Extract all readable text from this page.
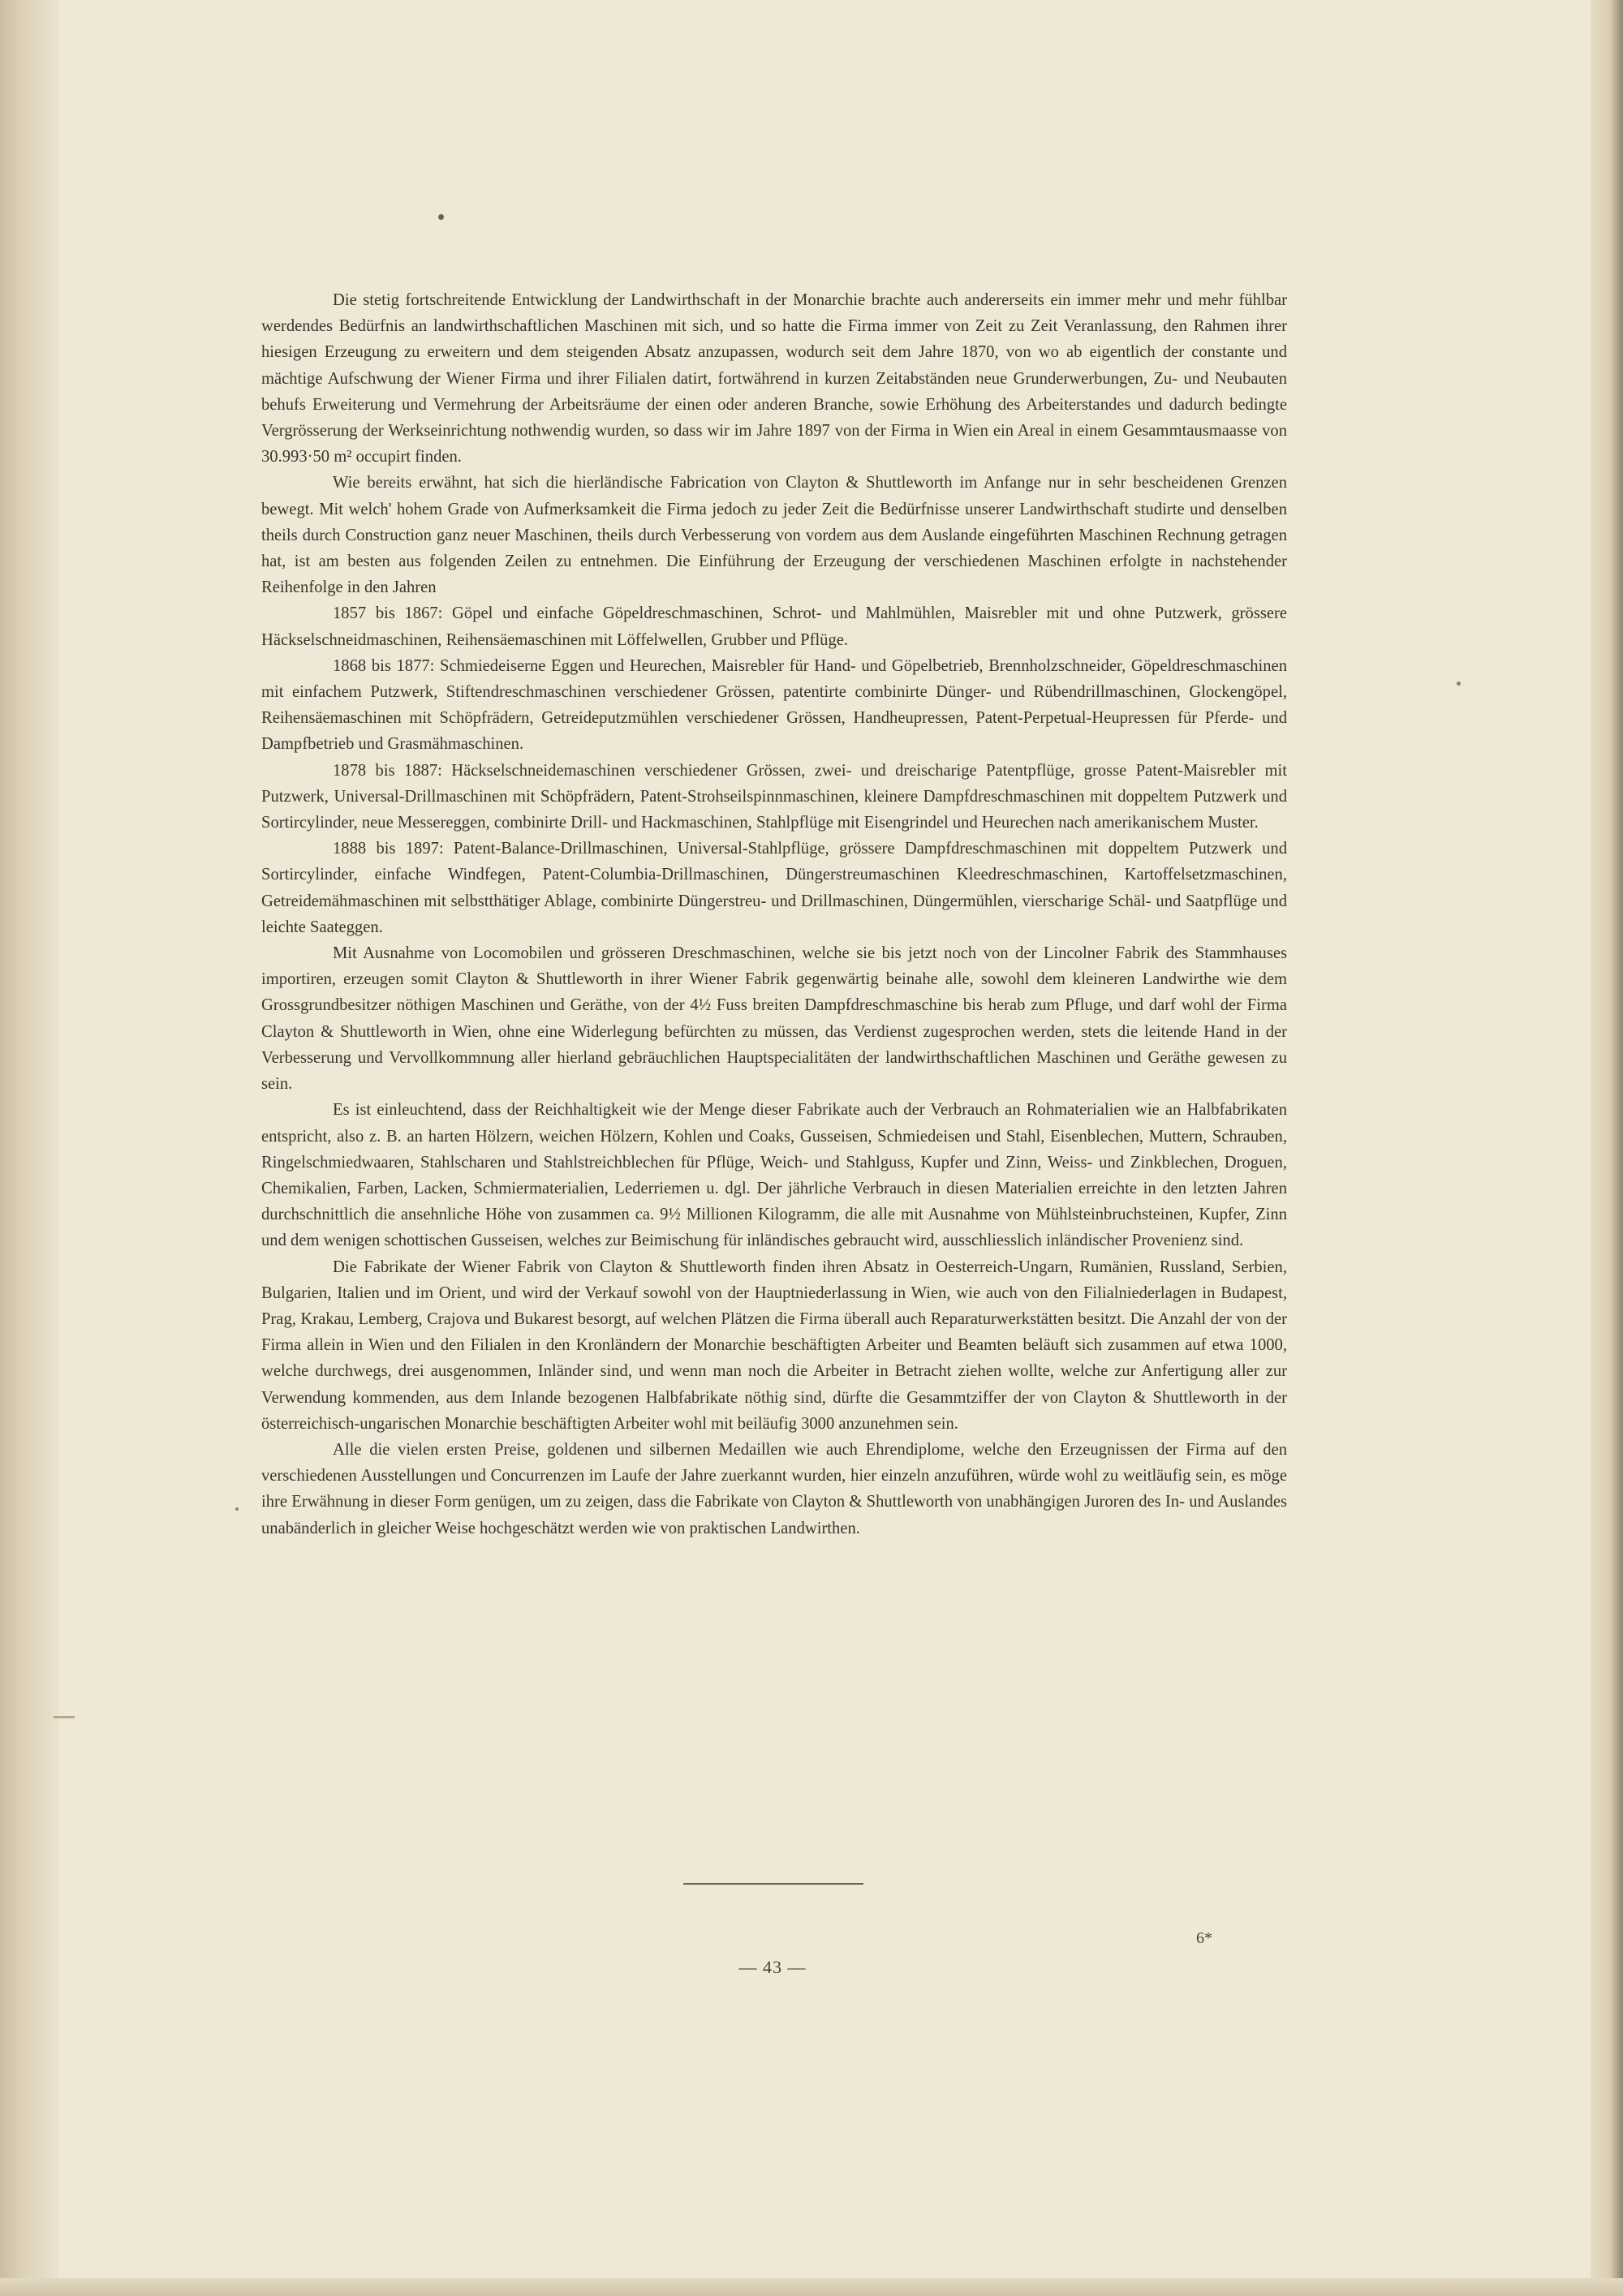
Die stetig fortschreitende Entwicklung der Landwirthschaft in der Monarchie brachte auch andererseits ein immer mehr und mehr fühlbar werdendes Bedürfnis an landwirthschaftlichen Maschinen mit sich, und so hatte die Firma immer von Zeit zu Zeit Veranlassung, den Rahmen ihrer hiesigen Erzeugung zu erweitern und dem steigenden Absatz anzupassen, wodurch seit dem Jahre 1870, von wo ab eigentlich der constante und mächtige Aufschwung der Wiener Firma und ihrer Filialen datirt, fortwährend in kurzen Zeitabständen neue Grunderwerbungen, Zu- und Neubauten behufs Erweiterung und Vermehrung der Arbeitsräume der einen oder anderen Branche, sowie Erhöhung des Arbeiterstandes und dadurch bedingte Vergrösserung der Werkseinrichtung nothwendig wurden, so dass wir im Jahre 1897 von der Firma in Wien ein Areal in einem Gesammtausmaasse von 30.993·50 m² occupirt finden.

Wie bereits erwähnt, hat sich die hierländische Fabrication von Clayton & Shuttleworth im Anfange nur in sehr bescheidenen Grenzen bewegt. Mit welch' hohem Grade von Aufmerksamkeit die Firma jedoch zu jeder Zeit die Bedürfnisse unserer Landwirthschaft studirte und denselben theils durch Construction ganz neuer Maschinen, theils durch Verbesserung von vordem aus dem Auslande eingeführten Maschinen Rechnung getragen hat, ist am besten aus folgenden Zeilen zu entnehmen. Die Einführung der Erzeugung der verschiedenen Maschinen erfolgte in nachstehender Reihenfolge in den Jahren

1857 bis 1867: Göpel und einfache Göpeldreschmaschinen, Schrot- und Mahlmühlen, Maisrebler mit und ohne Putzwerk, grössere Häckselschneidmaschinen, Reihensäemaschinen mit Löffelwellen, Grubber und Pflüge.

1868 bis 1877: Schmiedeiserne Eggen und Heurechen, Maisrebler für Hand- und Göpelbetrieb, Brennholzschneider, Göpeldreschmaschinen mit einfachem Putzwerk, Stiftendreschmaschinen verschiedener Grössen, patentirte combinirte Dünger- und Rübendrillmaschinen, Glockengöpel, Reihensäemaschinen mit Schöpfrädern, Getreideputzmühlen verschiedener Grössen, Handheupressen, Patent-Perpetual-Heupressen für Pferde- und Dampfbetrieb und Grasmähmaschinen.

1878 bis 1887: Häckselschneidemaschinen verschiedener Grössen, zwei- und dreischarige Patentpflüge, grosse Patent-Maisrebler mit Putzwerk, Universal-Drillmaschinen mit Schöpfrädern, Patent-Strohseilspinnmaschinen, kleinere Dampfdreschmaschinen mit doppeltem Putzwerk und Sortircylinder, neue Messereggen, combinirte Drill- und Hackmaschinen, Stahlpflüge mit Eisengrindel und Heurechen nach amerikanischem Muster.

1888 bis 1897: Patent-Balance-Drillmaschinen, Universal-Stahlpflüge, grössere Dampfdreschmaschinen mit doppeltem Putzwerk und Sortircylinder, einfache Windfegen, Patent-Columbia-Drillmaschinen, Düngerstreumaschinen Kleedreschmaschinen, Kartoffelsetzmaschinen, Getreidemähmaschinen mit selbstthätiger Ablage, combinirte Düngerstreu- und Drillmaschinen, Düngermühlen, vierscharige Schäl- und Saatpflüge und leichte Saateggen.

Mit Ausnahme von Locomobilen und grösseren Dreschmaschinen, welche sie bis jetzt noch von der Lincolner Fabrik des Stammhauses importiren, erzeugen somit Clayton & Shuttleworth in ihrer Wiener Fabrik gegenwärtig beinahe alle, sowohl dem kleineren Landwirthe wie dem Grossgrundbesitzer nöthigen Maschinen und Geräthe, von der 4½ Fuss breiten Dampfdreschmaschine bis herab zum Pfluge, und darf wohl der Firma Clayton & Shuttleworth in Wien, ohne eine Widerlegung befürchten zu müssen, das Verdienst zugesprochen werden, stets die leitende Hand in der Verbesserung und Vervollkommnung aller hierland gebräuchlichen Hauptspecialitäten der landwirthschaftlichen Maschinen und Geräthe gewesen zu sein.

Es ist einleuchtend, dass der Reichhaltigkeit wie der Menge dieser Fabrikate auch der Verbrauch an Rohmaterialien wie an Halbfabrikaten entspricht, also z. B. an harten Hölzern, weichen Hölzern, Kohlen und Coaks, Gusseisen, Schmiedeisen und Stahl, Eisenblechen, Muttern, Schrauben, Ringelschmiedwaaren, Stahlscharen und Stahlstreichblechen für Pflüge, Weich- und Stahlguss, Kupfer und Zinn, Weiss- und Zinkblechen, Droguen, Chemikalien, Farben, Lacken, Schmiermaterialien, Lederriemen u. dgl. Der jährliche Verbrauch in diesen Materialien erreichte in den letzten Jahren durchschnittlich die ansehnliche Höhe von zusammen ca. 9½ Millionen Kilogramm, die alle mit Ausnahme von Mühlsteinbruchsteinen, Kupfer, Zinn und dem wenigen schottischen Gusseisen, welches zur Beimischung für inländisches gebraucht wird, ausschliesslich inländischer Provenienz sind.

Die Fabrikate der Wiener Fabrik von Clayton & Shuttleworth finden ihren Absatz in Oesterreich-Ungarn, Rumänien, Russland, Serbien, Bulgarien, Italien und im Orient, und wird der Verkauf sowohl von der Hauptniederlassung in Wien, wie auch von den Filialniederlagen in Budapest, Prag, Krakau, Lemberg, Crajova und Bukarest besorgt, auf welchen Plätzen die Firma überall auch Reparaturwerkstätten besitzt. Die Anzahl der von der Firma allein in Wien und den Filialen in den Kronländern der Monarchie beschäftigten Arbeiter und Beamten beläuft sich zusammen auf etwa 1000, welche durchwegs, drei ausgenommen, Inländer sind, und wenn man noch die Arbeiter in Betracht ziehen wollte, welche zur Anfertigung aller zur Verwendung kommenden, aus dem Inlande bezogenen Halbfabrikate nöthig sind, dürfte die Gesammtziffer der von Clayton & Shuttleworth in der österreichisch-ungarischen Monarchie beschäftigten Arbeiter wohl mit beiläufig 3000 anzunehmen sein.

Alle die vielen ersten Preise, goldenen und silbernen Medaillen wie auch Ehrendiplome, welche den Erzeugnissen der Firma auf den verschiedenen Ausstellungen und Concurrenzen im Laufe der Jahre zuerkannt wurden, hier einzeln anzuführen, würde wohl zu weitläufig sein, es möge ihre Erwähnung in dieser Form genügen, um zu zeigen, dass die Fabrikate von Clayton & Shuttleworth von unabhängigen Juroren des In- und Auslandes unabänderlich in gleicher Weise hochgeschätzt werden wie von praktischen Landwirthen.

6*
— 43 —
